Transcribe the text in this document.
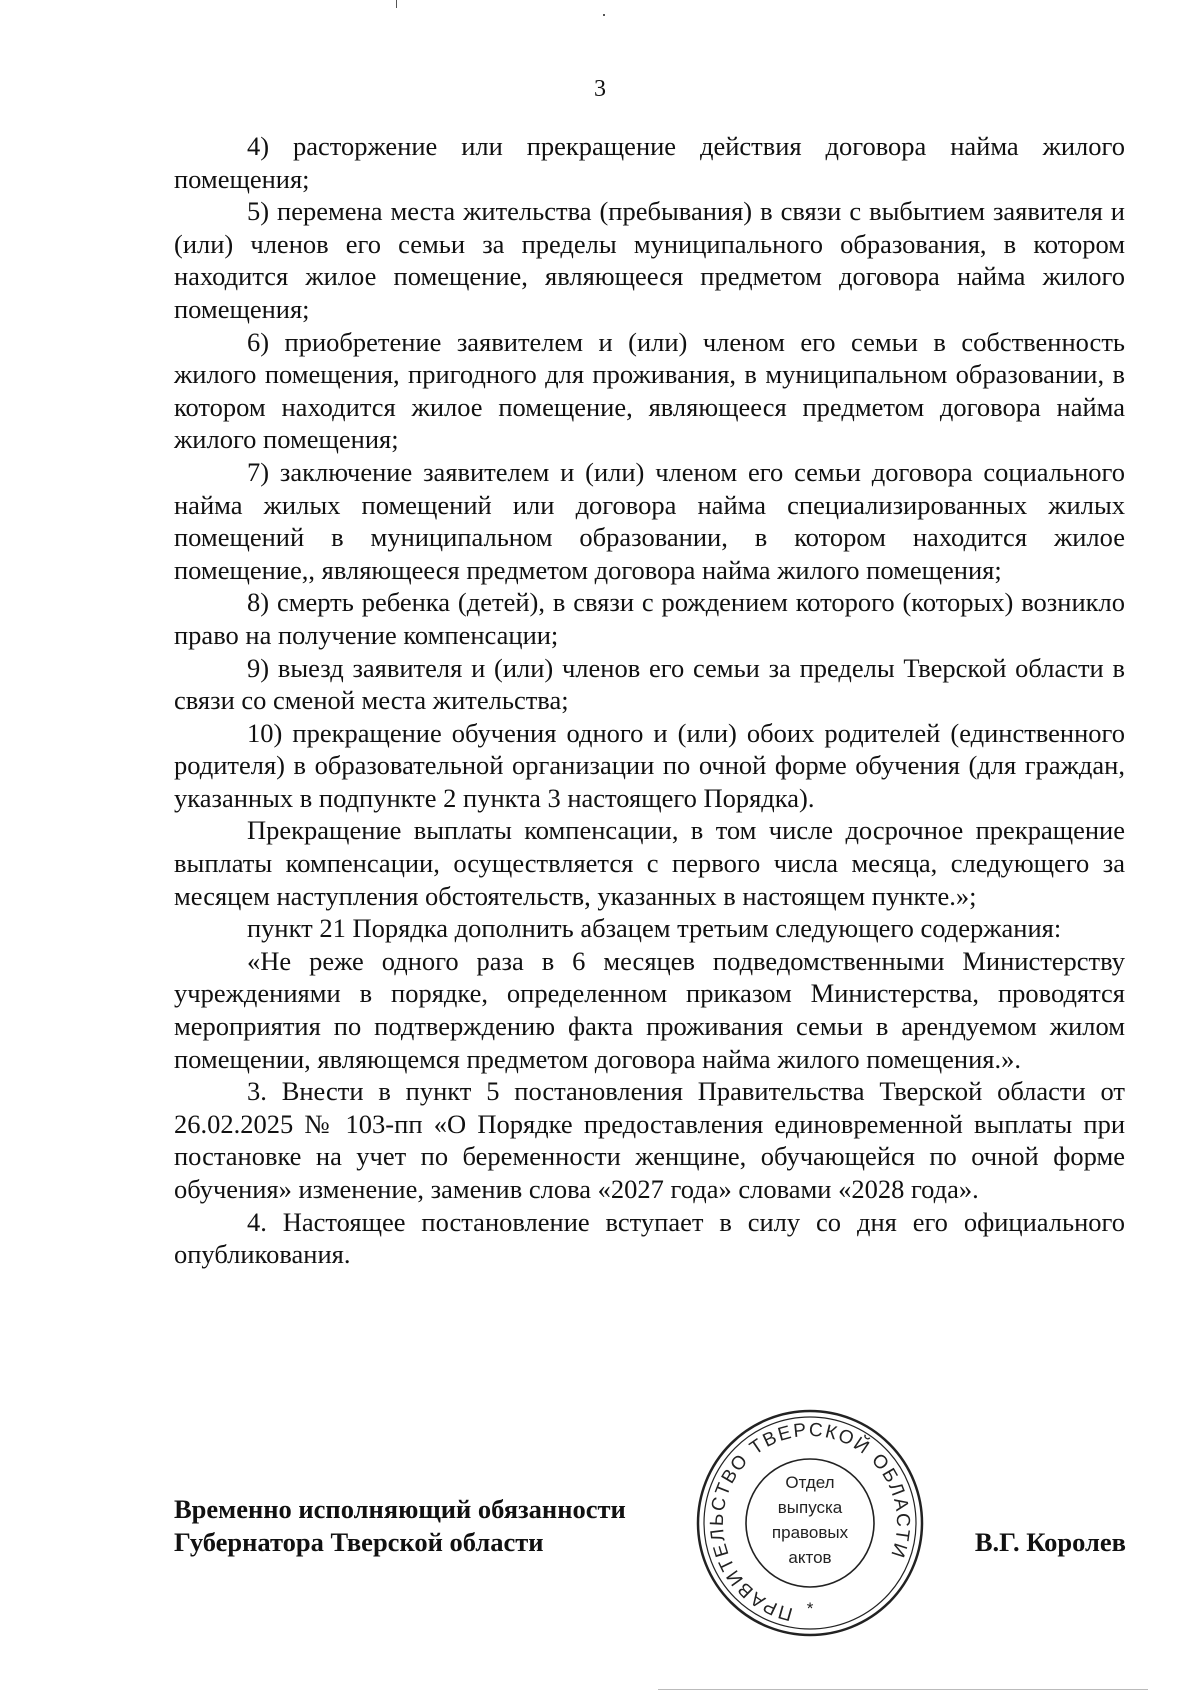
3

4) расторжение или прекращение действия договора найма жилого помещения;

5) перемена места жительства (пребывания) в связи с выбытием заявителя и (или) членов его семьи за пределы муниципального образования, в котором находится жилое помещение, являющееся предметом договора найма жилого помещения;

6) приобретение заявителем и (или) членом его семьи в собственность жилого помещения, пригодного для проживания, в муниципальном образовании, в котором находится жилое помещение, являющееся предметом договора найма жилого помещения;

7) заключение заявителем и (или) членом его семьи договора социального найма жилых помещений или договора найма специализированных жилых помещений в муниципальном образовании, в котором находится жилое помещение,, являющееся предметом договора найма жилого помещения;

8) смерть ребенка (детей), в связи с рождением которого (которых) возникло право на получение компенсации;

9) выезд заявителя и (или) членов его семьи за пределы Тверской области в связи со сменой места жительства;

10) прекращение обучения одного и (или) обоих родителей (единственного родителя) в образовательной организации по очной форме обучения (для граждан, указанных в подпункте 2 пункта 3 настоящего Порядка).

Прекращение выплаты компенсации, в том числе досрочное прекращение выплаты компенсации, осуществляется с первого числа месяца, следующего за месяцем наступления обстоятельств, указанных в настоящем пункте.»;

пункт 21 Порядка дополнить абзацем третьим следующего содержания:

«Не реже одного раза в 6 месяцев подведомственными Министерству учреждениями в порядке, определенном приказом Министерства, проводятся мероприятия по подтверждению факта проживания семьи в арендуемом жилом помещении, являющемся предметом договора найма жилого помещения.».

3. Внести в пункт 5 постановления Правительства Тверской области от 26.02.2025 № 103-пп «О Порядке предоставления единовременной выплаты при постановке на учет по беременности женщине, обучающейся по очной форме обучения» изменение, заменив слова «2027 года» словами «2028 года».

4. Настоящее постановление вступает в силу со дня его официального опубликования.

Временно исполняющий обязанности
Губернатора Тверской области
ПРАВИТЕЛЬСТВО ТВЕРСКОЙ ОБЛАСТИ
Отдел
выпуска
правовых
актов
*
В.Г. Королев
